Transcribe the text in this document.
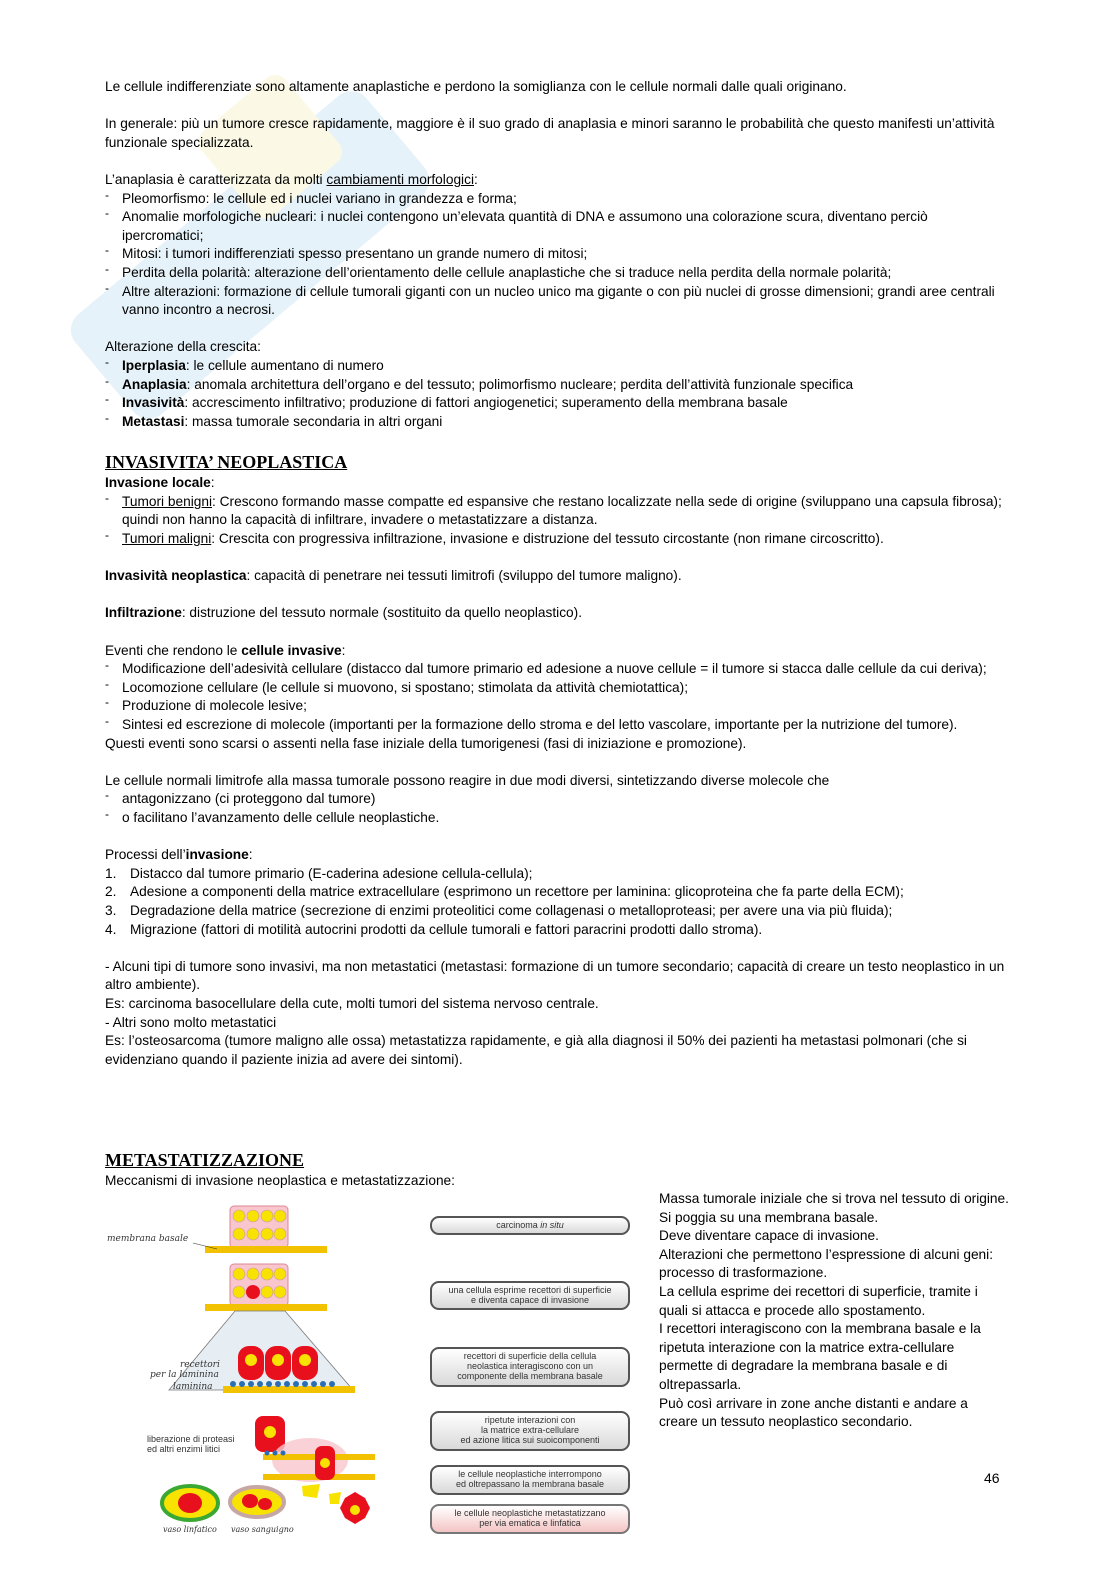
Le cellule indifferenziate sono altamente anaplastiche e perdono la somiglianza con le cellule normali dalle quali originano.

In generale: più un tumore cresce rapidamente, maggiore è il suo grado di anaplasia e minori saranno le probabilità che questo manifesti un’attività funzionale specializzata.

L’anaplasia è caratterizzata da molti cambiamenti morfologici:

- Pleomorfismo: le cellule ed i nuclei variano in grandezza e forma;
- Anomalie morfologiche nucleari: i nuclei contengono un’elevata quantità di DNA e assumono una colorazione scura, diventano perciò ipercromatici;
- Mitosi: i tumori indifferenziati spesso presentano un grande numero di mitosi;
- Perdita della polarità: alterazione dell’orientamento delle cellule anaplastiche che si traduce nella perdita della normale polarità;
- Altre alterazioni: formazione di cellule tumorali giganti con un nucleo unico ma gigante o con più nuclei di grosse dimensioni; grandi aree centrali vanno incontro a necrosi.

Alterazione della crescita:

- Iperplasia: le cellule aumentano di numero
- Anaplasia: anomala architettura dell’organo e del tessuto; polimorfismo nucleare; perdita dell’attività funzionale specifica
- Invasività: accrescimento infiltrativo; produzione di fattori angiogenetici; superamento della membrana basale
- Metastasi: massa tumorale secondaria in altri organi
INVASIVITA’ NEOPLASTICA

Invasione locale:

- Tumori benigni: Crescono formando masse compatte ed espansive che restano localizzate nella sede di origine (sviluppano una capsula fibrosa); quindi non hanno la capacità di infiltrare, invadere o metastatizzare a distanza.
- Tumori maligni: Crescita con progressiva infiltrazione, invasione e distruzione del tessuto circostante (non rimane circoscritto).

Invasività neoplastica: capacità di penetrare nei tessuti limitrofi (sviluppo del tumore maligno).

Infiltrazione: distruzione del tessuto normale (sostituito da quello neoplastico).

Eventi che rendono le cellule invasive:

- Modificazione dell’adesività cellulare (distacco dal tumore primario ed adesione a nuove cellule = il tumore si stacca dalle cellule da cui deriva);
- Locomozione cellulare (le cellule si muovono, si spostano; stimolata da attività chemiotattica);
- Produzione di molecole lesive;
- Sintesi ed escrezione di molecole (importanti per la formazione dello stroma e del letto vascolare, importante per la nutrizione del tumore).

Questi eventi sono scarsi o assenti nella fase iniziale della tumorigenesi (fasi di iniziazione e promozione).

Le cellule normali limitrofe alla massa tumorale possono reagire in due modi diversi, sintetizzando diverse molecole che

- antagonizzano (ci proteggono dal tumore)
- o facilitano l’avanzamento delle cellule neoplastiche.

Processi dell’invasione:

1. Distacco dal tumore primario (E-caderina adesione cellula-cellula);
2. Adesione a componenti della matrice extracellulare (esprimono un recettore per laminina: glicoproteina che fa parte della ECM);
3. Degradazione della matrice (secrezione di enzimi proteolitici come collagenasi o metalloproteasi; per avere una via più fluida);
4. Migrazione (fattori di motilità autocrini prodotti da cellule tumorali e fattori paracrini prodotti dallo stroma).

- Alcuni tipi di tumore sono invasivi, ma non metastatici (metastasi: formazione di un tumore secondario; capacità di creare un testo neoplastico in un altro ambiente).

Es: carcinoma basocellulare della cute, molti tumori del sistema nervoso centrale.

- Altri sono molto metastatici

Es: l’osteosarcoma (tumore maligno alle ossa) metastatizza rapidamente, e già alla diagnosi il 50% dei pazienti ha metastasi polmonari (che si evidenziano quando il paziente inizia ad avere dei sintomi).

METASTATIZZAZIONE

Meccanismi di invasione neoplastica e metastatizzazione:

membrana basale
recettori
per la laminina
laminina
liberazione di proteasi
ed altri enzimi litici
vaso linfatico vaso sanguigno
carcinoma in situ
una cellula esprime recettori di superficie
e diventa capace di invasione
recettori di superficie della cellula
neolastica interagiscono con un
componente della membrana basale
ripetute interazioni con
la matrice extra-cellulare
ed azione litica sui suoicomponenti
le cellule neoplastiche interrompono
ed oltrepassano la membrana basale
le cellule neoplastiche metastatizzano
per via ematica e linfatica

Massa tumorale iniziale che si trova nel tessuto di origine. Si poggia su una membrana basale.

Deve diventare capace di invasione.

Alterazioni che permettono l’espressione di alcuni geni: processo di trasformazione.

La cellula esprime dei recettori di superficie, tramite i quali si attacca e procede allo spostamento.

I recettori interagiscono con la membrana basale e la ripetuta interazione con la matrice extra-cellulare permette di degradare la membrana basale e di oltrepassarla.

Può così arrivare in zone anche distanti e andare a creare un tessuto neoplastico secondario.

46
